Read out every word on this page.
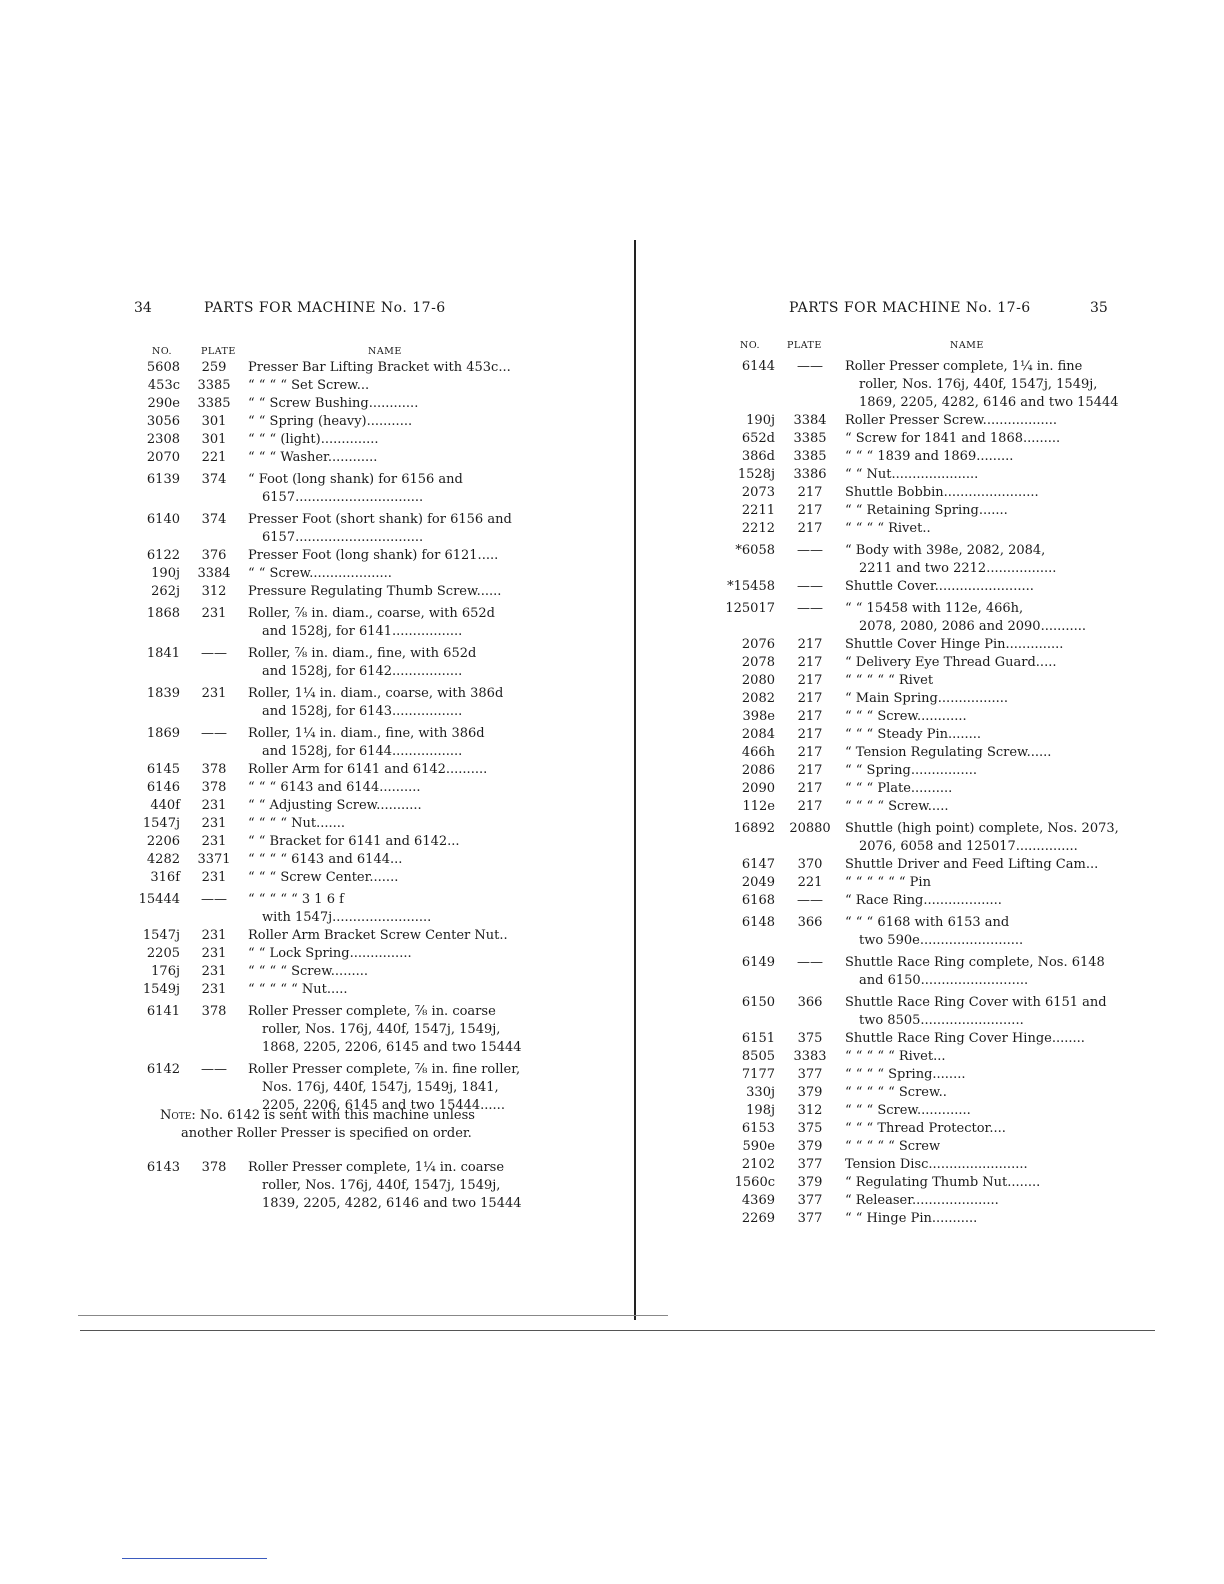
34	PARTS FOR MACHINE No. 17-6
NO.	PLATE	NAME
5608	259	Presser Bar Lifting Bracket with 453c...
453c	3385	“ “ “ “ Set Screw...
290e	3385	“ “ Screw Bushing............
3056	301	“ “ Spring (heavy)...........
2308	301	“ “ “ (light)..............
2070	221	“ “ “ Washer............
6139	374	“ Foot (long shank) for 6156 and
6157...............................
6140	374	Presser Foot (short shank) for 6156 and
6157...............................
6122	376	Presser Foot (long shank) for 6121.....
190j	3384	“ “ Screw....................
262j	312	Pressure Regulating Thumb Screw......
1868	231	Roller, ⅞ in. diam., coarse, with 652d
and 1528j, for 6141.................
1841	——	Roller, ⅞ in. diam., fine, with 652d
and 1528j, for 6142.................
1839	231	Roller, 1¼ in. diam., coarse, with 386d
and 1528j, for 6143.................
1869	——	Roller, 1¼ in. diam., fine, with 386d
and 1528j, for 6144.................
6145	378	Roller Arm for 6141 and 6142..........
6146	378	“ “ “ 6143 and 6144..........
440f	231	“ “ Adjusting Screw...........
1547j	231	“ “ “ “ Nut.......
2206	231	“ “ Bracket for 6141 and 6142...
4282	3371	“ “ “ “ 6143 and 6144...
316f	231	“ “ “ Screw Center.......
15444	——	“ “ “ “ “ 3 1 6 f
with 1547j........................
1547j	231	Roller Arm Bracket Screw Center Nut..
2205	231	“ “ Lock Spring...............
176j	231	“ “ “ “ Screw.........
1549j	231	“ “ “ “ “ Nut.....
6141	378	Roller Presser complete, ⅞ in. coarse
roller, Nos. 176j, 440f, 1547j, 1549j,
1868, 2205, 2206, 6145 and two 15444
6142	——	Roller Presser complete, ⅞ in. fine roller,
Nos. 176j, 440f, 1547j, 1549j, 1841,
2205, 2206, 6145 and two 15444......
Note: No. 6142 is sent with this machine unless
another Roller Presser is specified on order.
6143	378	Roller Presser complete, 1¼ in. coarse
roller, Nos. 176j, 440f, 1547j, 1549j,
1839, 2205, 4282, 6146 and two 15444
PARTS FOR MACHINE No. 17-6	35
NO.	PLATE	NAME
6144	——	Roller Presser complete, 1¼ in. fine
roller, Nos. 176j, 440f, 1547j, 1549j,
1869, 2205, 4282, 6146 and two 15444
190j	3384	Roller Presser Screw..................
652d	3385	“ Screw for 1841 and 1868.........
386d	3385	“ “ “ 1839 and 1869.........
1528j	3386	“ “ Nut.....................
2073	217	Shuttle Bobbin.......................
2211	217	“ “ Retaining Spring.......
2212	217	“ “ “ “ Rivet..
*6058	——	“ Body with 398e, 2082, 2084,
2211 and two 2212.................
*15458	——	Shuttle Cover........................
125017	——	“ “ 15458 with 112e, 466h,
2078, 2080, 2086 and 2090...........
2076	217	Shuttle Cover Hinge Pin..............
2078	217	“ Delivery Eye Thread Guard.....
2080	217	“ “ “ “ “ Rivet
2082	217	“ Main Spring.................
398e	217	“ “ “ Screw............
2084	217	“ “ “ Steady Pin........
466h	217	“ Tension Regulating Screw......
2086	217	“ “ Spring................
2090	217	“ “ “ Plate..........
112e	217	“ “ “ “ Screw.....
16892	20880	Shuttle (high point) complete, Nos. 2073,
2076, 6058 and 125017...............
6147	370	Shuttle Driver and Feed Lifting Cam...
2049	221	“ “ “ “ “ “ Pin
6168	——	“ Race Ring...................
6148	366	“ “ “ 6168 with 6153 and
two 590e.........................
6149	——	Shuttle Race Ring complete, Nos. 6148
and 6150..........................
6150	366	Shuttle Race Ring Cover with 6151 and
two 8505.........................
6151	375	Shuttle Race Ring Cover Hinge........
8505	3383	“ “ “ “ “ Rivet...
7177	377	“ “ “ “ Spring........
330j	379	“ “ “ “ “ Screw..
198j	312	“ “ “ Screw.............
6153	375	“ “ “ Thread Protector....
590e	379	“ “ “ “ “ Screw
2102	377	Tension Disc........................
1560c	379	“ Regulating Thumb Nut........
4369	377	“ Releaser.....................
2269	377	“ “ Hinge Pin...........
